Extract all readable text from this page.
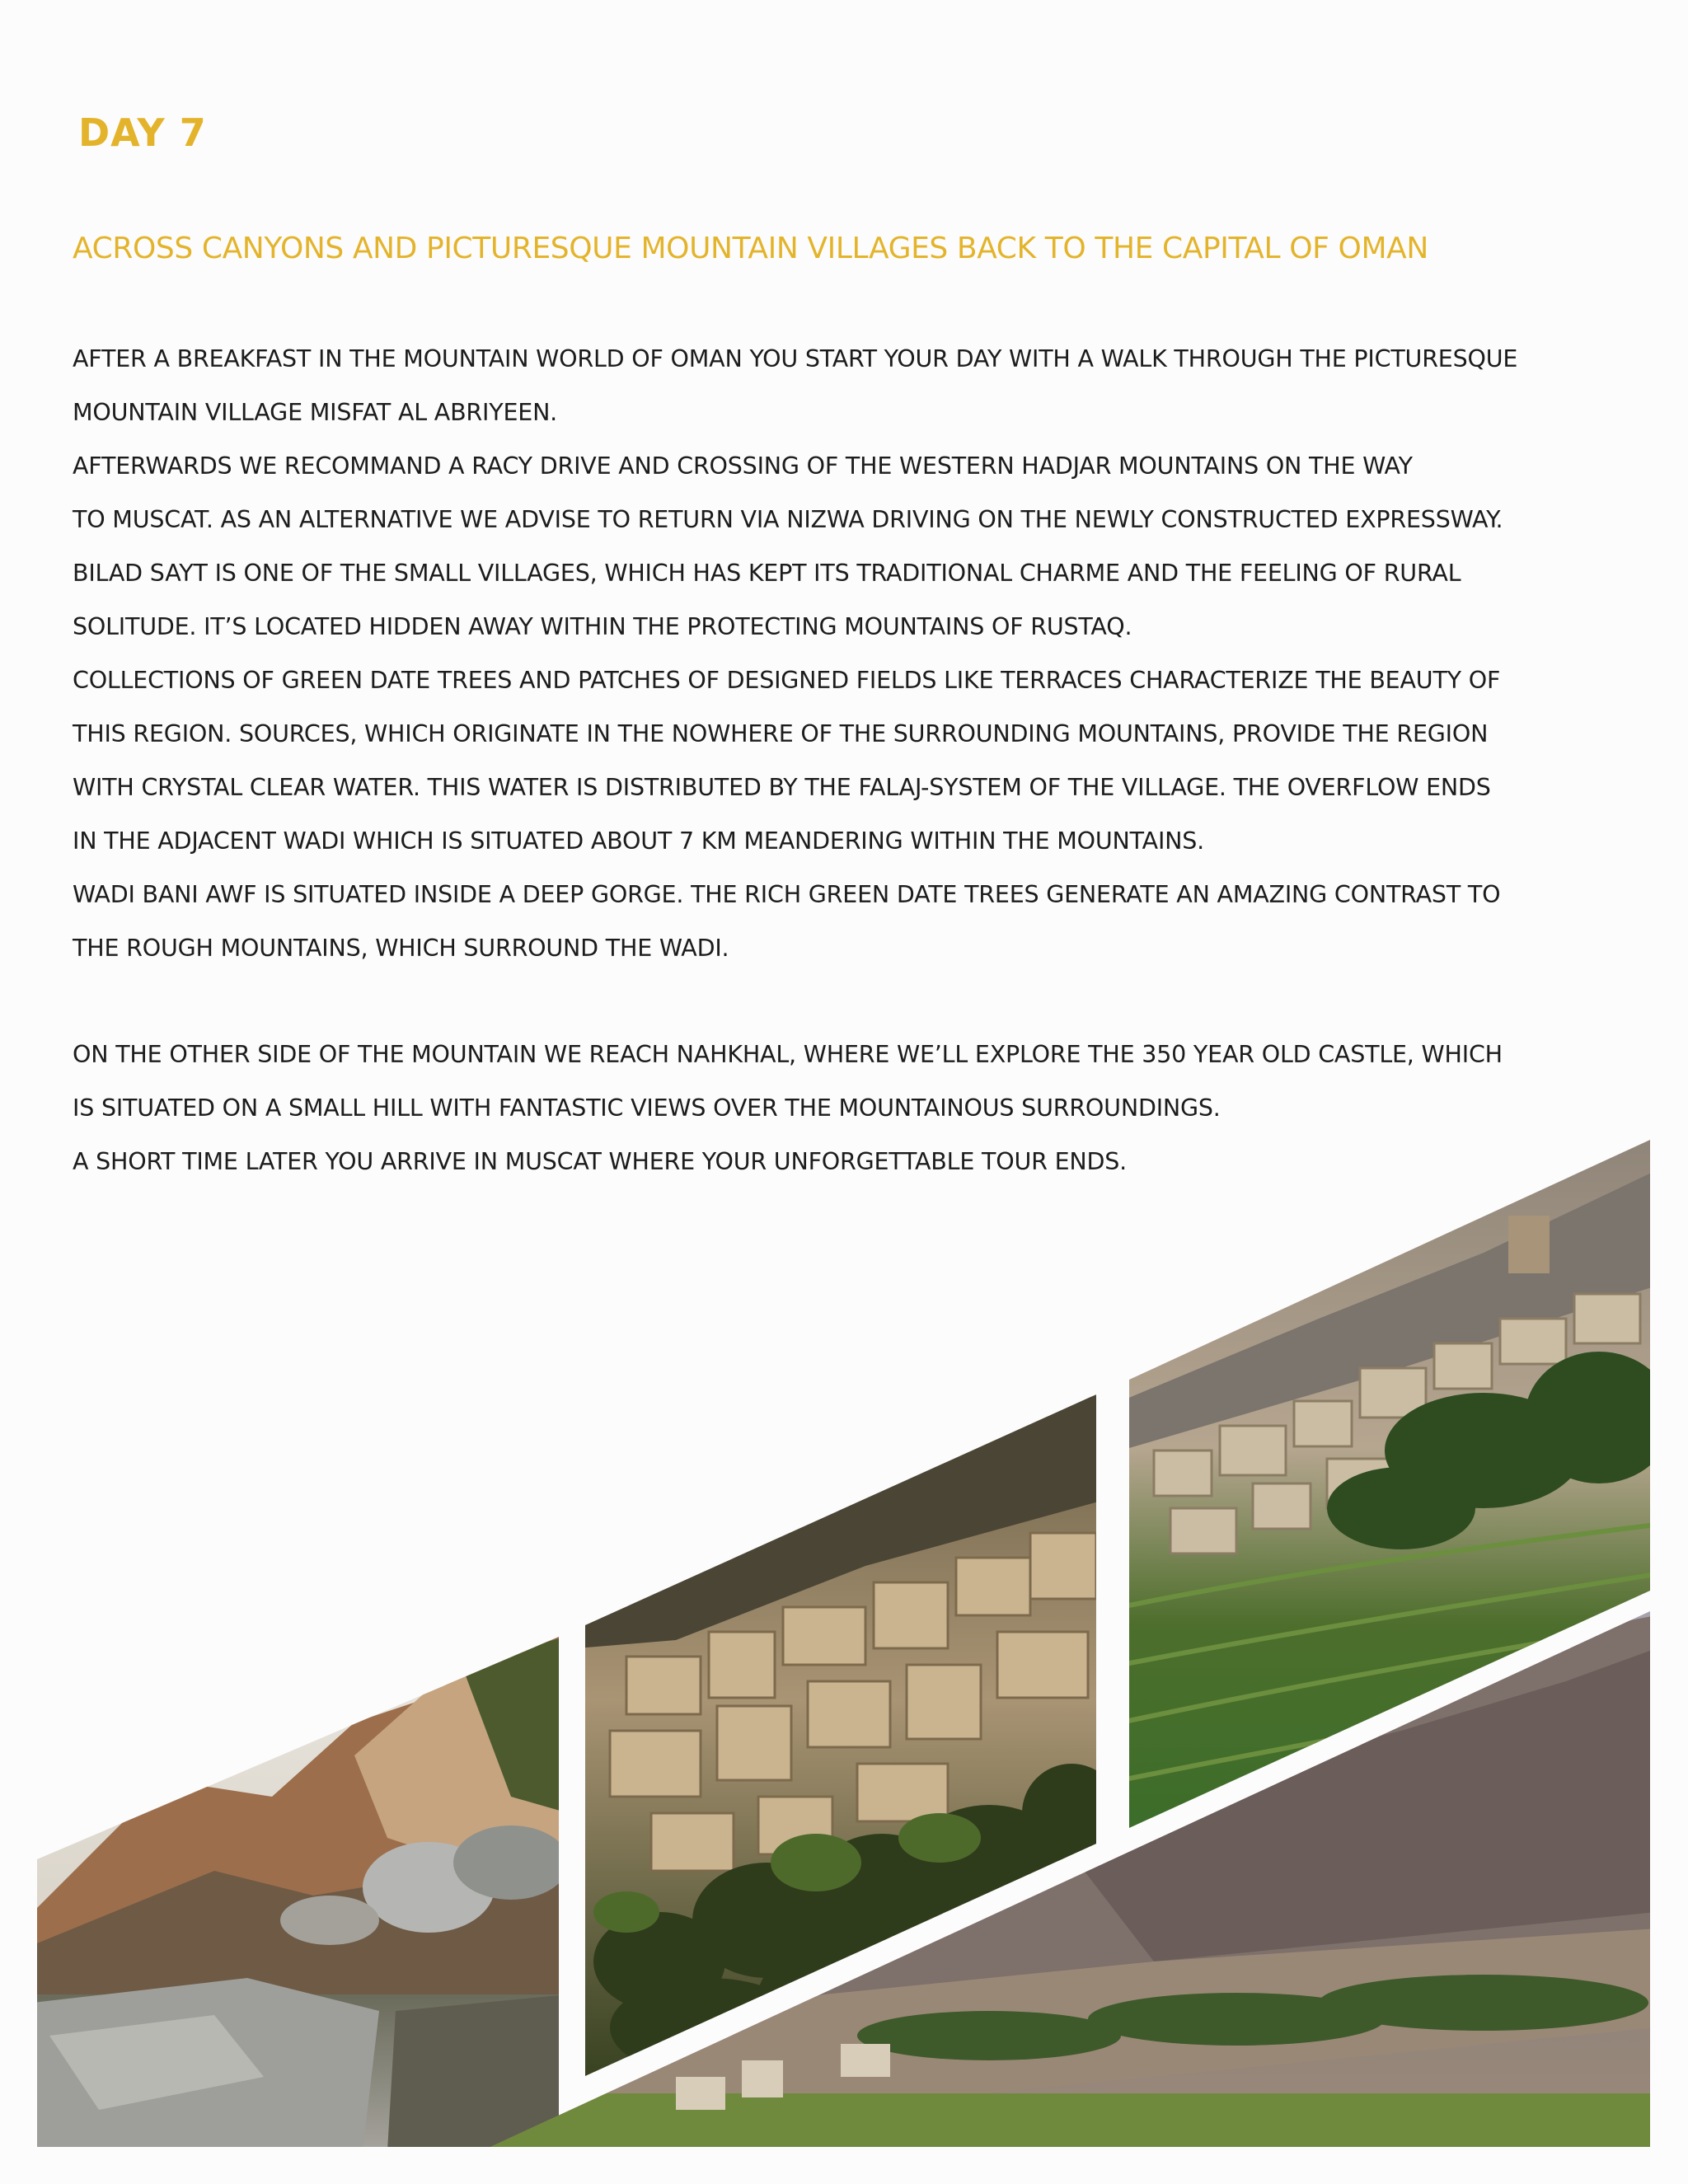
DAY 7
ACROSS CANYONS AND PICTURESQUE MOUNTAIN VILLAGES BACK TO THE CAPITAL OF OMAN
AFTER A BREAKFAST IN THE MOUNTAIN WORLD OF OMAN YOU START YOUR DAY WITH A WALK THROUGH THE PICTURESQUE
MOUNTAIN VILLAGE MISFAT AL ABRIYEEN.
AFTERWARDS WE RECOMMAND A RACY DRIVE AND CROSSING OF THE WESTERN HADJAR MOUNTAINS ON THE WAY
TO MUSCAT. AS AN ALTERNATIVE WE ADVISE TO RETURN VIA NIZWA DRIVING ON THE NEWLY CONSTRUCTED EXPRESSWAY.
BILAD SAYT IS ONE OF THE SMALL VILLAGES, WHICH HAS KEPT ITS TRADITIONAL CHARME AND THE FEELING OF RURAL
SOLITUDE. IT’S LOCATED HIDDEN AWAY WITHIN THE PROTECTING MOUNTAINS OF RUSTAQ.
COLLECTIONS OF GREEN DATE TREES AND PATCHES OF DESIGNED FIELDS LIKE TERRACES CHARACTERIZE THE BEAUTY OF
THIS REGION. SOURCES, WHICH ORIGINATE IN THE NOWHERE OF THE SURROUNDING MOUNTAINS, PROVIDE THE REGION
WITH CRYSTAL CLEAR WATER. THIS WATER IS DISTRIBUTED BY THE FALAJ-SYSTEM OF THE VILLAGE. THE OVERFLOW ENDS
IN THE ADJACENT WADI WHICH IS SITUATED ABOUT 7 KM MEANDERING WITHIN THE MOUNTAINS.
WADI BANI AWF IS SITUATED INSIDE A DEEP GORGE. THE RICH GREEN DATE TREES GENERATE AN AMAZING CONTRAST TO
THE ROUGH MOUNTAINS, WHICH SURROUND THE WADI.
ON THE OTHER SIDE OF THE MOUNTAIN WE REACH NAHKHAL, WHERE WE’LL EXPLORE THE 350 YEAR OLD CASTLE, WHICH
IS SITUATED ON A SMALL HILL WITH FANTASTIC VIEWS OVER THE MOUNTAINOUS SURROUNDINGS.
A SHORT TIME LATER YOU ARRIVE IN MUSCAT WHERE YOUR UNFORGETTABLE TOUR ENDS.
